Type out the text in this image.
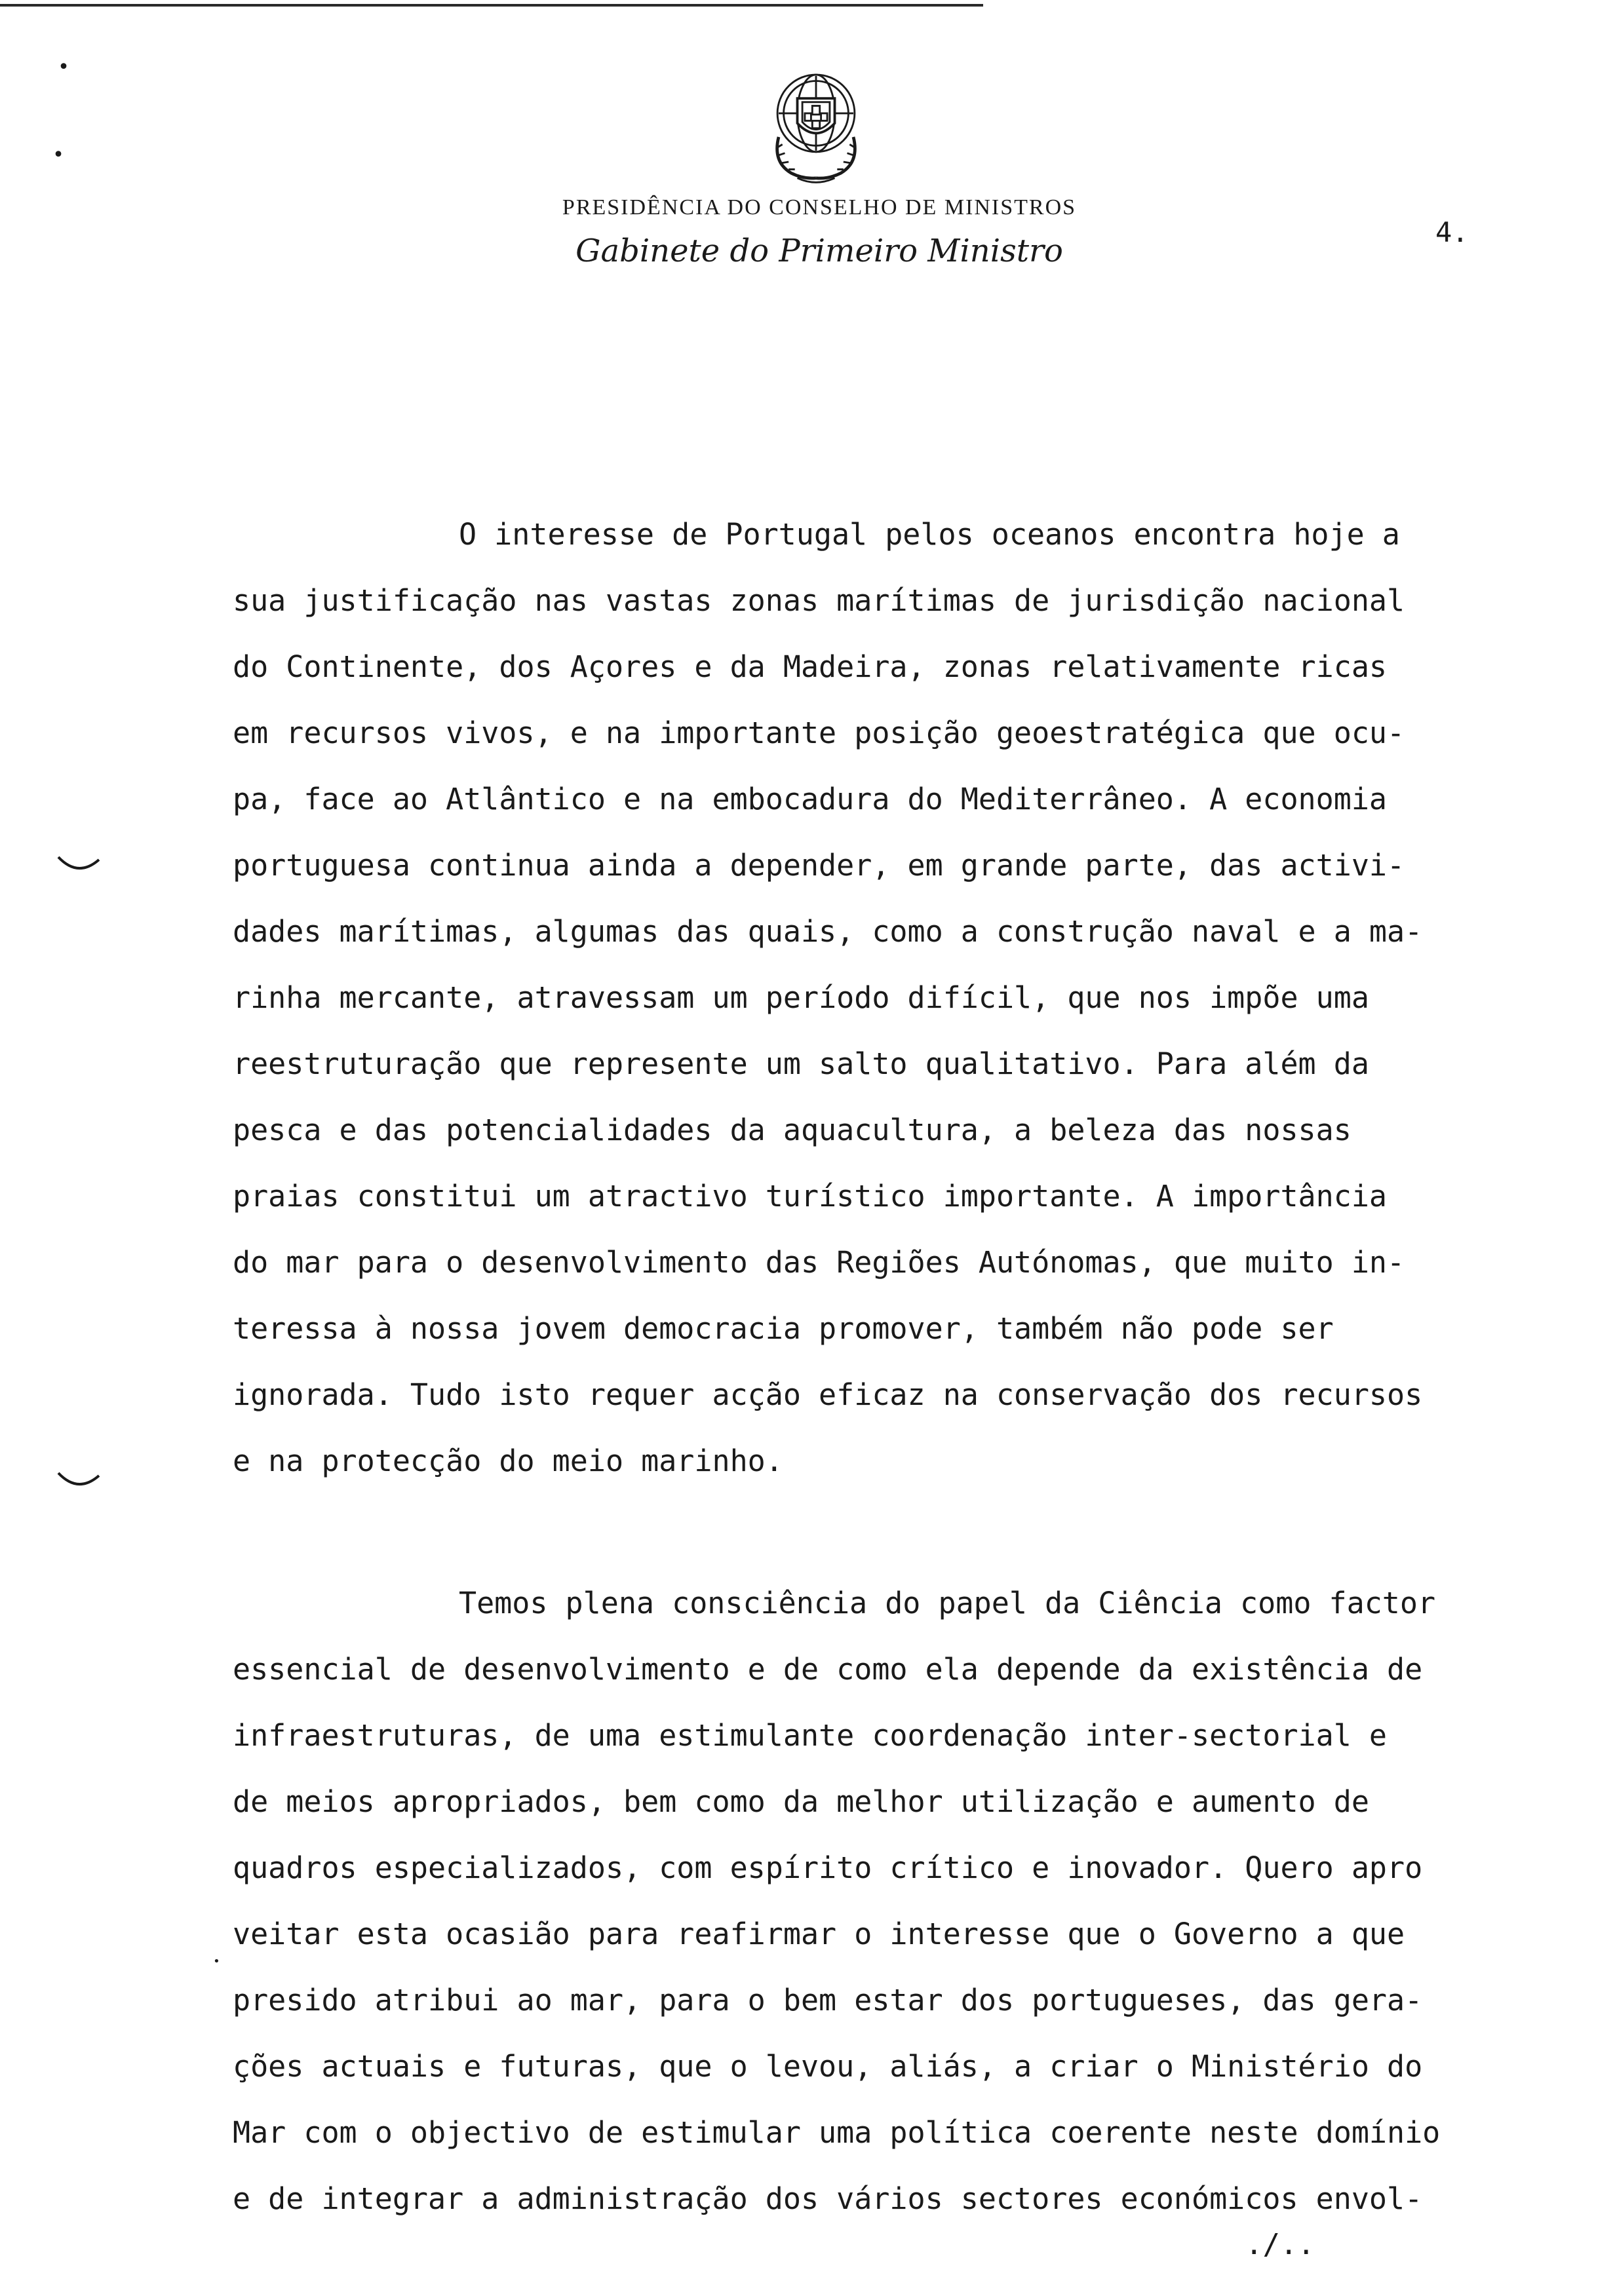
•
•
PRESIDÊNCIA DO CONSELHO DE MINISTROS
Gabinete do Primeiro Ministro
4.
•

O interesse de Portugal pelos oceanos encontra hoje a

sua justificação nas vastas zonas marítimas de jurisdição nacional

do Continente, dos Açores e da Madeira, zonas relativamente ricas

em recursos vivos, e na importante posição geoestratégica que ocu-

pa, face ao Atlântico e na embocadura do Mediterrâneo. A economia

portuguesa continua ainda a depender, em grande parte, das activi-

dades marítimas, algumas das quais, como a construção naval e a ma-

rinha mercante, atravessam um período difícil, que nos impõe uma

reestruturação que represente um salto qualitativo. Para além da

pesca e das potencialidades da aquacultura, a beleza das nossas

praias constitui um atractivo turístico importante. A importância

do mar para o desenvolvimento das Regiões Autónomas, que muito in-

teressa à nossa jovem democracia promover, também não pode ser

ignorada. Tudo isto requer acção eficaz na conservação dos recursos

e na protecção do meio marinho.

Temos plena consciência do papel da Ciência como factor

essencial de desenvolvimento e de como ela depende da existência de

infraestruturas, de uma estimulante coordenação inter-sectorial e

de meios apropriados, bem como da melhor utilização e aumento de

quadros especializados, com espírito crítico e inovador. Quero apro

veitar esta ocasião para reafirmar o interesse que o Governo a que

presido atribui ao mar, para o bem estar dos portugueses, das gera-

ções actuais e futuras, que o levou, aliás, a criar o Ministério do

Mar com o objectivo de estimular uma política coerente neste domínio

e de integrar a administração dos vários sectores económicos envol-

./..
